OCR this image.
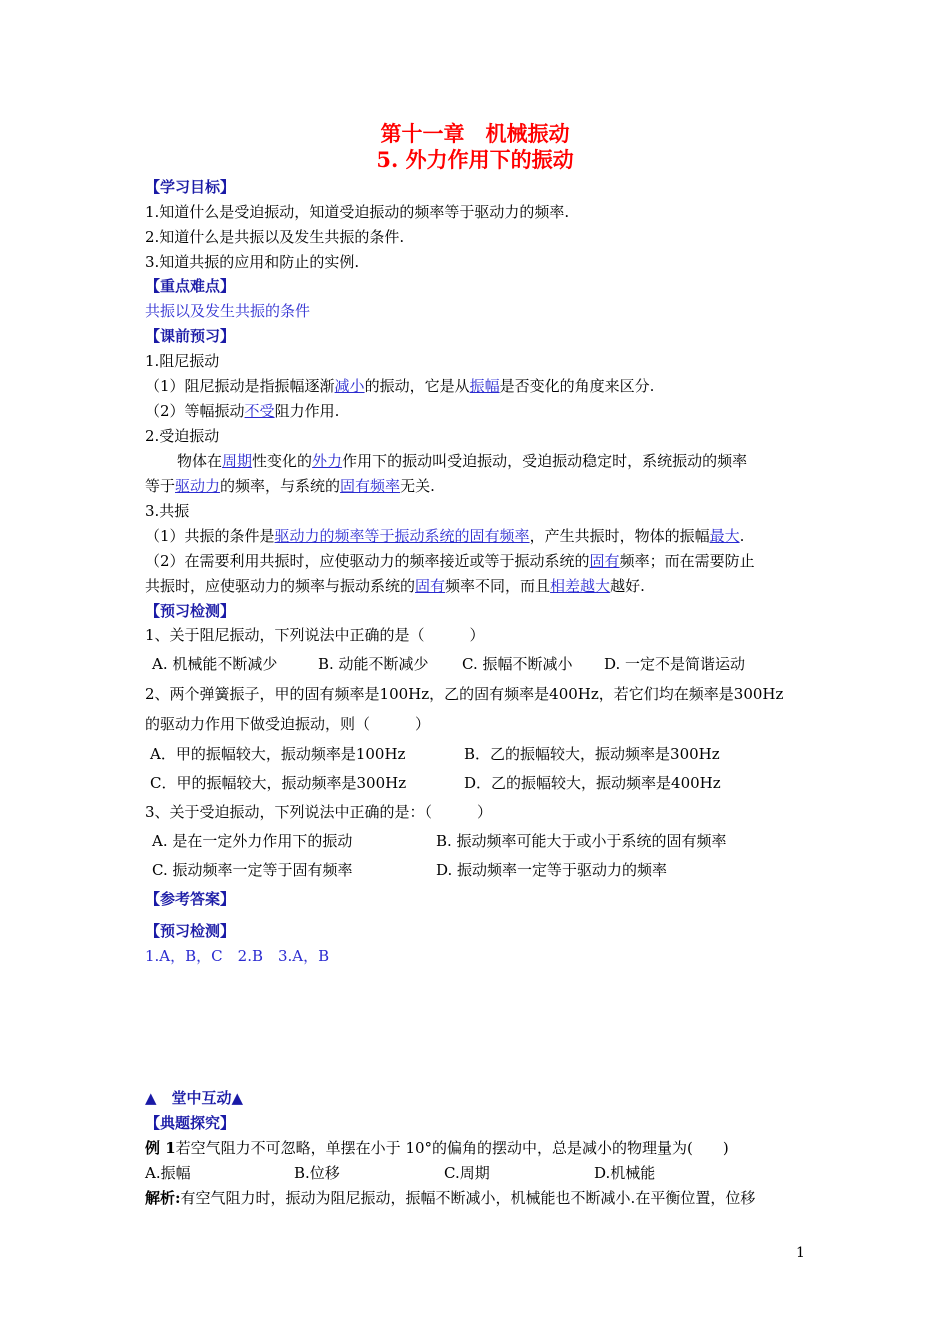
第十一章　机械振动
5. 外力作用下的振动
【学习目标】
1.知道什么是受迫振动，知道受迫振动的频率等于驱动力的频率.
2.知道什么是共振以及发生共振的条件.
3.知道共振的应用和防止的实例.
【重点难点】
共振以及发生共振的条件
【课前预习】
1.阻尼振动
（1）阻尼振动是指振幅逐渐减小的振动，它是从振幅是否变化的角度来区分.
（2）等幅振动不受阻力作用.
2.受迫振动
物体在周期性变化的外力作用下的振动叫受迫振动，受迫振动稳定时，系统振动的频率
等于驱动力的频率，与系统的固有频率无关.
3.共振
（1）共振的条件是驱动力的频率等于振动系统的固有频率，产生共振时，物体的振幅最大.
（2）在需要利用共振时，应使驱动力的频率接近或等于振动系统的固有频率；而在需要防止
共振时，应使驱动力的频率与振动系统的固有频率不同，而且相差越大越好.
【预习检测】
1、关于阻尼振动，下列说法中正确的是（　　　）
A. 机械能不断减少	B. 动能不断减少 C. 振幅不断减小 D. 一定不是简谐运动
2、两个弹簧振子，甲的固有频率是100Hz，乙的固有频率是400Hz，若它们均在频率是300Hz
的驱动力作用下做受迫振动，则（　　　）
A．甲的振幅较大，振动频率是100Hz	B．乙的振幅较大，振动频率是300Hz
C．甲的振幅较大，振动频率是300Hz	D．乙的振幅较大，振动频率是400Hz
3、关于受迫振动，下列说法中正确的是：（　　　）
A. 是在一定外力作用下的振动	B. 振动频率可能大于或小于系统的固有频率
C. 振动频率一定等于固有频率	D. 振动频率一定等于驱动力的频率
【参考答案】
【预习检测】
1.A，B，C　2.B　3.A，B
▲　堂中互动▲
【典题探究】
例 1若空气阻力不可忽略，单摆在小于 10°的偏角的摆动中，总是减小的物理量为(　　)
A.振幅	B.位移	C.周期	D.机械能
解析:有空气阻力时，振动为阻尼振动，振幅不断减小，机械能也不断减小.在平衡位置，位移
1
